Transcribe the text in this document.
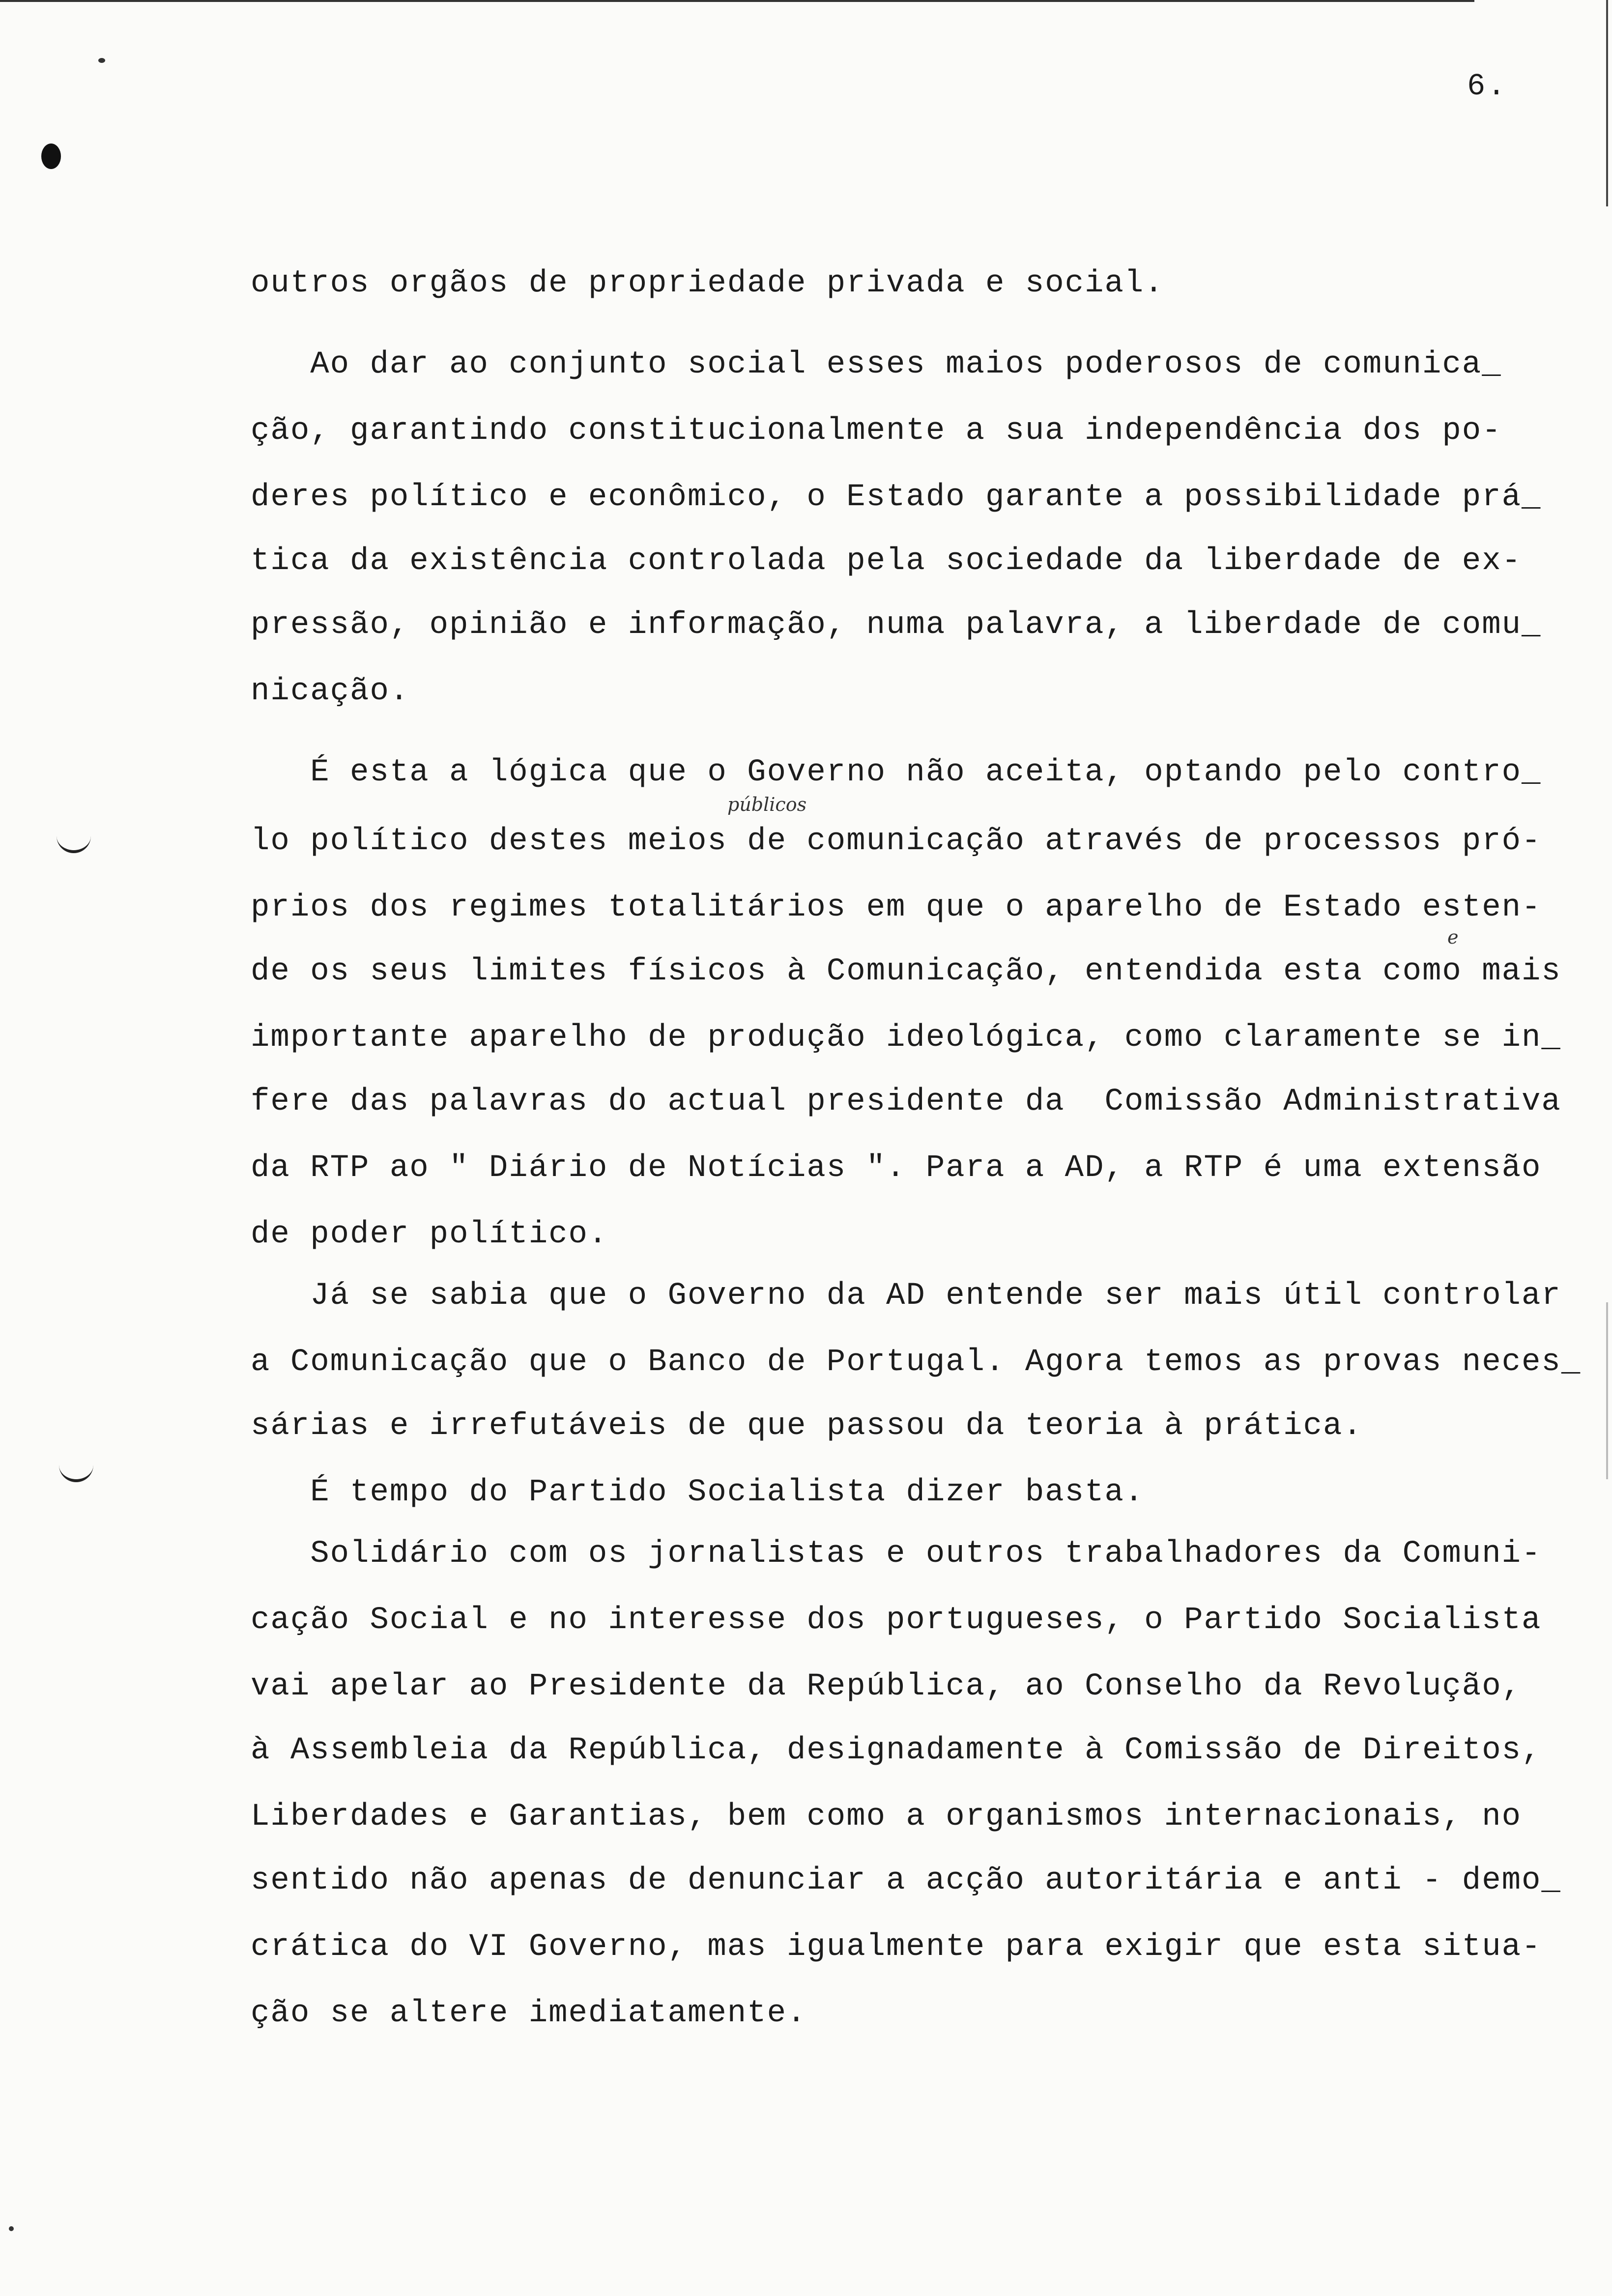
6.
públicos
e
outros orgãos de propriedade privada e social.
Ao dar ao conjunto social esses maios poderosos de comunica_
ção, garantindo constitucionalmente a sua independência dos po-
deres político e econômico, o Estado garante a possibilidade prá_
tica da existência controlada pela sociedade da liberdade de ex-
pressão, opinião e informação, numa palavra, a liberdade de comu_
nicação.
É esta a lógica que o Governo não aceita, optando pelo contro_
lo político destes meios de comunicação através de processos pró-
prios dos regimes totalitários em que o aparelho de Estado esten-
de os seus limites físicos à Comunicação, entendida esta como mais
importante aparelho de produção ideológica, como claramente se in_
fere das palavras do actual presidente da  Comissão Administrativa
da RTP ao " Diário de Notícias ". Para a AD, a RTP é uma extensão
de poder político.
Já se sabia que o Governo da AD entende ser mais útil controlar
a Comunicação que o Banco de Portugal. Agora temos as provas neces_
sárias e irrefutáveis de que passou da teoria à prática.
É tempo do Partido Socialista dizer basta.
Solidário com os jornalistas e outros trabalhadores da Comuni-
cação Social e no interesse dos portugueses, o Partido Socialista
vai apelar ao Presidente da República, ao Conselho da Revolução,
à Assembleia da República, designadamente à Comissão de Direitos,
Liberdades e Garantias, bem como a organismos internacionais, no
sentido não apenas de denunciar a acção autoritária e anti - demo_
crática do VI Governo, mas igualmente para exigir que esta situa-
ção se altere imediatamente.
